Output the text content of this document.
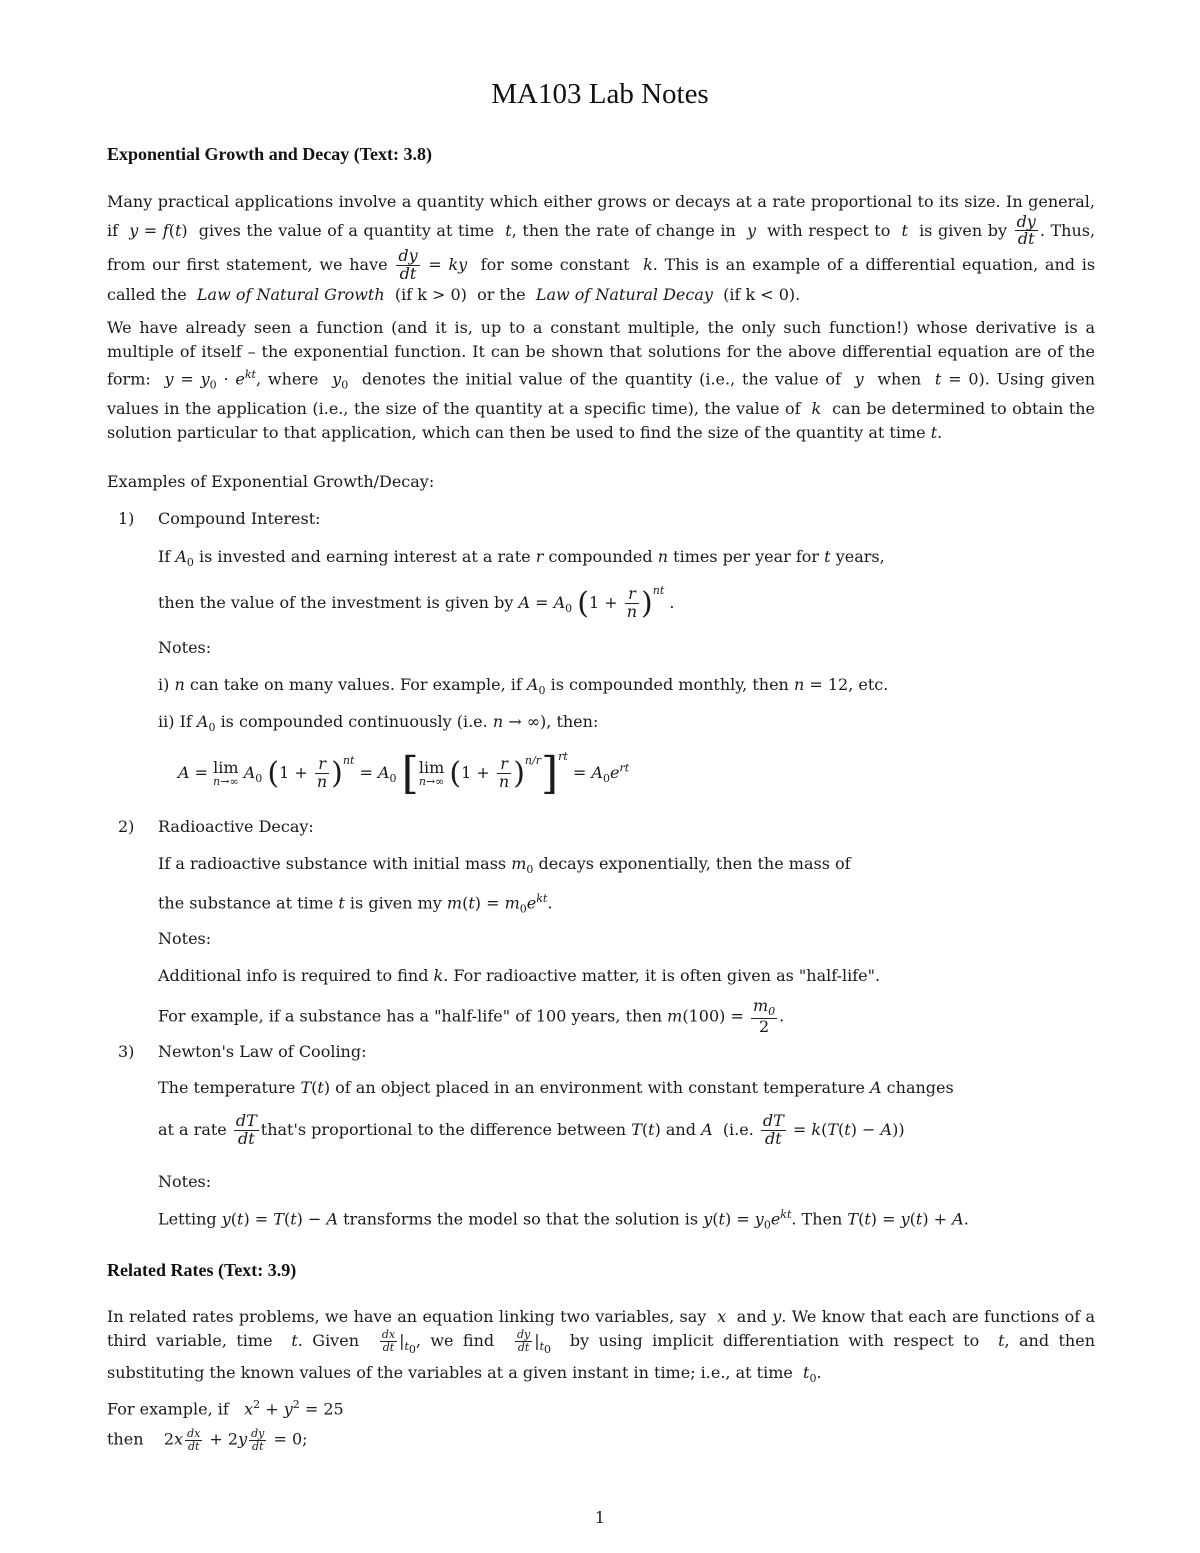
MA103 Lab Notes
Exponential Growth and Decay (Text: 3.8)
Many practical applications involve a quantity which either grows or decays at a rate proportional to its size. In general, if y = f(t)  gives the value of a quantity at time t, then the rate of change in y with respect to t is given by $\frac{dy}{dt}$ . Thus, from our first statement, we have $\frac{dy}{dt}$ = ky for some constant k. This is an example of a differential equation, and is called the Law of Natural Growth (if k > 0) or the Law of Natural Decay (if k < 0).
We have already seen a function (and it is, up to a constant multiple, the only such function!) whose derivative is a multiple of itself – the exponential function. It can be shown that solutions for the above differential equation are of the form: $y = y_0 \cdot e^{kt}$, where $y_0$ denotes the initial value of the quantity (i.e., the value of y when t = 0). Using given values in the application (i.e., the size of the quantity at a specific time), the value of k can be determined to obtain the solution particular to that application, which can then be used to find the size of the quantity at time t.
Examples of Exponential Growth/Decay:
1) Compound Interest:
If $A_0$ is invested and earning interest at a rate r compounded n times per year for t years,
then the value of the investment is given by $A = A_0$ $(1 + \frac{r}{n} )^{nt}$ .
Notes:
i) n can take on many values. For example, if $A_0$ is compounded monthly, then n = 12, etc.
ii) If $A_0$ is compounded continuously (i.e. n → ∞), then:
A = lim
n→∞ $A_0$ $(1 + \frac{r}{n} )^{nt} = A_0$ [ lim
n→∞ $(1 + \frac{r}{n} )^{n/r}]^{rt} = A_0e^{rt}$
2) Radioactive Decay:
If a radioactive substance with initial mass $m_0$ decays exponentially, then the mass of
the substance at time t is given my $m(t) = m_0e^{kt}$.
Notes:
Additional info is required to find k. For radioactive matter, it is often given as "half-life".
For example, if a substance has a "half-life" of 100 years, then $m(100) = \frac{m_0}{2}$ .
3) Newton's Law of Cooling:
The temperature T(t) of an object placed in an environment with constant temperature A changes
at a rate $\frac{dT}{dt}$ that's proportional to the difference between T(t) and A (i.e. $\frac{dT}{dt} = k(T(t) - A)$)
Notes:
Letting y(t) = T(t) − A transforms the model so that the solution is $y(t) = y_0e^{kt}$. Then T(t) = y(t) + A.
Related Rates (Text: 3.9)
In related rates problems, we have an equation linking two variables, say x and y. We know that each are functions of a third variable, time t. Given $\frac{dx}{dt} |_{t_0}$, we find $\frac{dy}{dt} |_{t_0}$ by using implicit differentiation with respect to t, and then substituting the known values of the variables at a given instant in time; i.e., at time $t_0$.
For example, if $x^2 + y^2 = 25$
then    $2x \frac{dx}{dt} + 2y \frac{dy}{dt} = 0$;
1
